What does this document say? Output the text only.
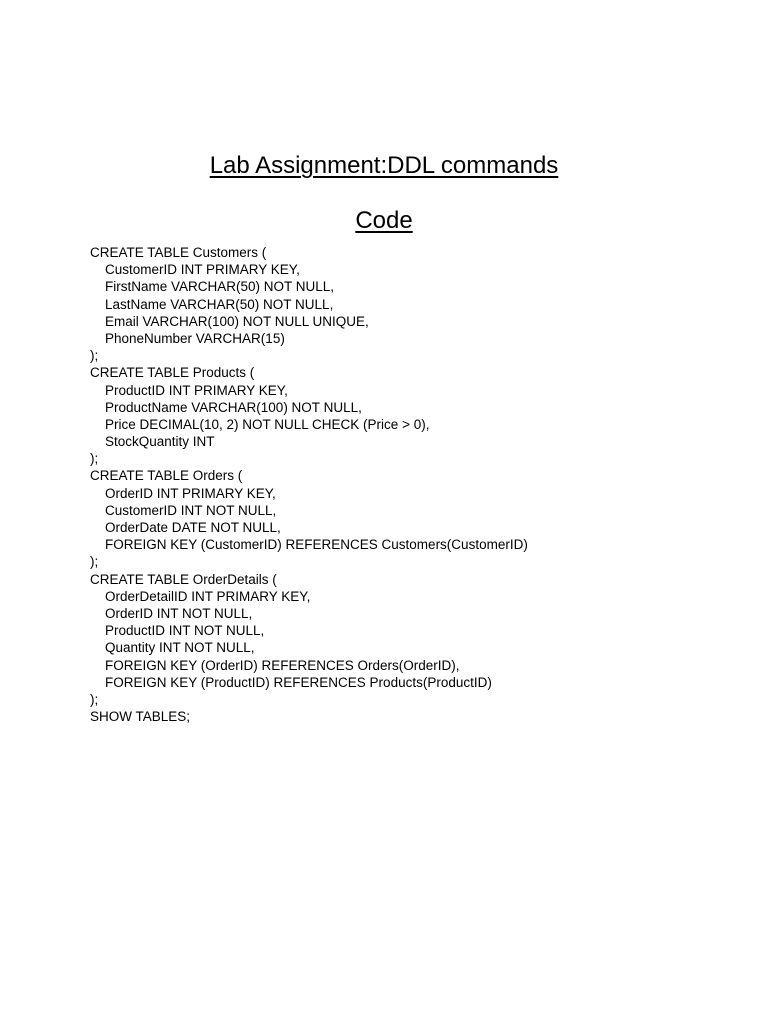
Lab Assignment:DDL commands
Code
CREATE TABLE Customers (
CustomerID INT PRIMARY KEY,
FirstName VARCHAR(50) NOT NULL,
LastName VARCHAR(50) NOT NULL,
Email VARCHAR(100) NOT NULL UNIQUE,
PhoneNumber VARCHAR(15)
);
CREATE TABLE Products (
ProductID INT PRIMARY KEY,
ProductName VARCHAR(100) NOT NULL,
Price DECIMAL(10, 2) NOT NULL CHECK (Price > 0),
StockQuantity INT
);
CREATE TABLE Orders (
OrderID INT PRIMARY KEY,
CustomerID INT NOT NULL,
OrderDate DATE NOT NULL,
FOREIGN KEY (CustomerID) REFERENCES Customers(CustomerID)
);
CREATE TABLE OrderDetails (
OrderDetailID INT PRIMARY KEY,
OrderID INT NOT NULL,
ProductID INT NOT NULL,
Quantity INT NOT NULL,
FOREIGN KEY (OrderID) REFERENCES Orders(OrderID),
FOREIGN KEY (ProductID) REFERENCES Products(ProductID)
);
SHOW TABLES;
